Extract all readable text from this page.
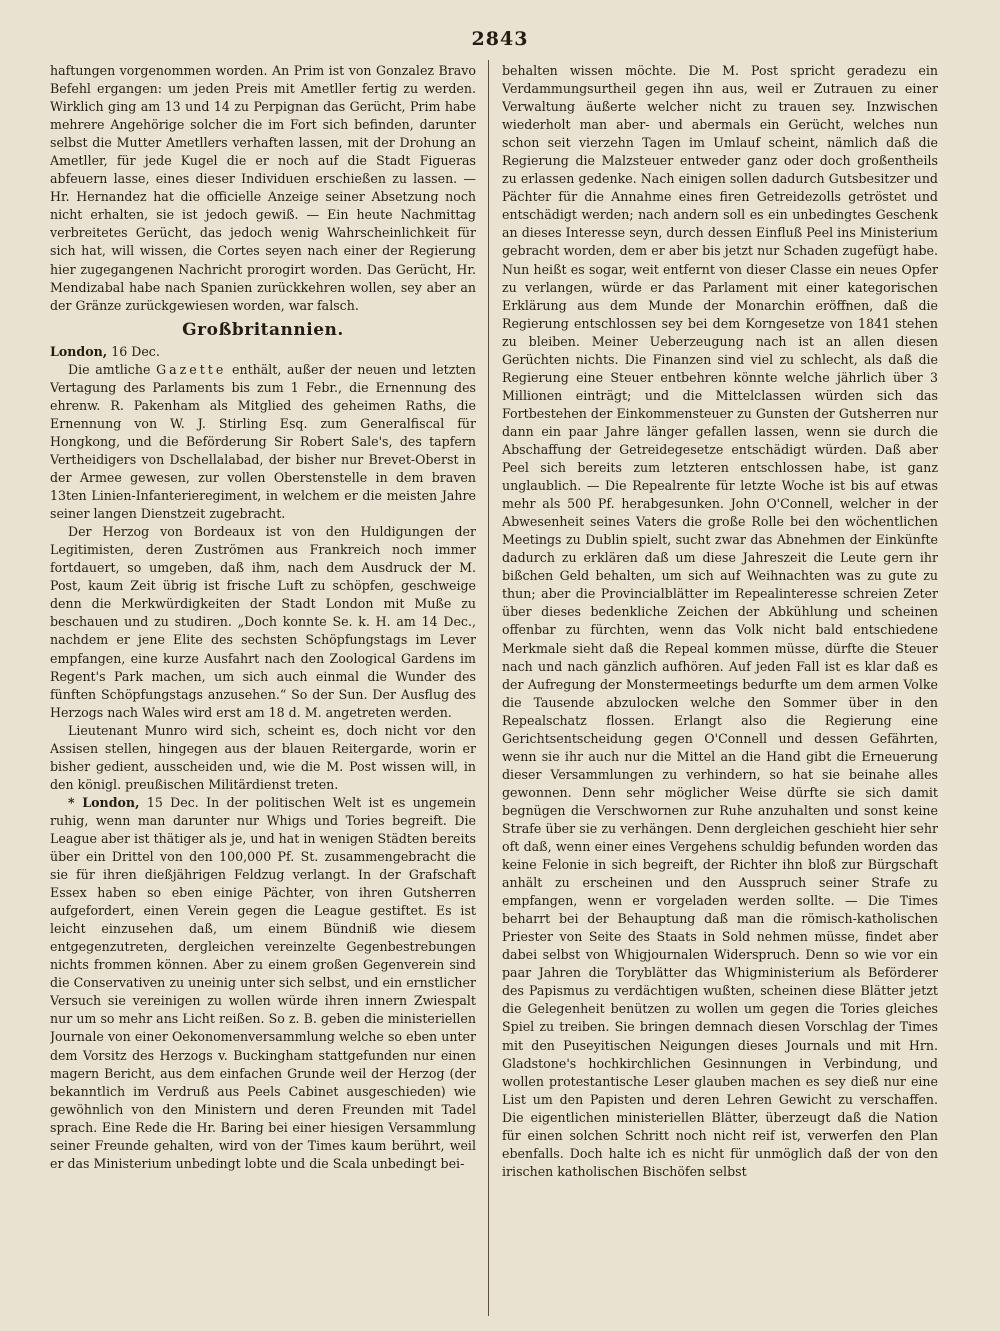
2843

haftungen vorgenommen worden. An Prim ist von Gonzalez Bravo Befehl ergangen: um jeden Preis mit Ametller fertig zu werden. Wirklich ging am 13 und 14 zu Perpignan das Gerücht, Prim habe mehrere Angehörige solcher die im Fort sich befinden, darunter selbst die Mutter Ametllers verhaften lassen, mit der Drohung an Ametller, für jede Kugel die er noch auf die Stadt Figueras abfeuern lasse, eines dieser Individuen erschießen zu lassen. — Hr. Hernandez hat die officielle Anzeige seiner Absetzung noch nicht erhalten, sie ist jedoch gewiß. — Ein heute Nachmittag verbreitetes Gerücht, das jedoch wenig Wahrscheinlichkeit für sich hat, will wissen, die Cortes seyen nach einer der Regierung hier zugegangenen Nachricht prorogirt worden. Das Gerücht, Hr. Mendizabal habe nach Spanien zurückkehren wollen, sey aber an der Gränze zurückgewiesen worden, war falsch.

Großbritannien.

London, 16 Dec.

Die amtliche Gazette enthält, außer der neuen und letzten Vertagung des Parlaments bis zum 1 Febr., die Ernennung des ehrenw. R. Pakenham als Mitglied des geheimen Raths, die Ernennung von W. J. Stirling Esq. zum Generalfiscal für Hongkong, und die Beförderung Sir Robert Sale's, des tapfern Vertheidigers von Dschellalabad, der bisher nur Brevet-Oberst in der Armee gewesen, zur vollen Oberstenstelle in dem braven 13ten Linien-Infanterieregiment, in welchem er die meisten Jahre seiner langen Dienstzeit zugebracht.

Der Herzog von Bordeaux ist von den Huldigungen der Legitimisten, deren Zuströmen aus Frankreich noch immer fortdauert, so umgeben, daß ihm, nach dem Ausdruck der M. Post, kaum Zeit übrig ist frische Luft zu schöpfen, geschweige denn die Merkwürdigkeiten der Stadt London mit Muße zu beschauen und zu studiren. „Doch konnte Se. k. H. am 14 Dec., nachdem er jene Elite des sechsten Schöpfungstags im Lever empfangen, eine kurze Ausfahrt nach den Zoological Gardens im Regent's Park machen, um sich auch einmal die Wunder des fünften Schöpfungstags anzusehen.“ So der Sun. Der Ausflug des Herzogs nach Wales wird erst am 18 d. M. angetreten werden.

Lieutenant Munro wird sich, scheint es, doch nicht vor den Assisen stellen, hingegen aus der blauen Reitergarde, worin er bisher gedient, ausscheiden und, wie die M. Post wissen will, in den königl. preußischen Militärdienst treten.

* London, 15 Dec. In der politischen Welt ist es ungemein ruhig, wenn man darunter nur Whigs und Tories begreift. Die League aber ist thätiger als je, und hat in wenigen Städten bereits über ein Drittel von den 100,000 Pf. St. zusammengebracht die sie für ihren dießjährigen Feldzug verlangt. In der Grafschaft Essex haben so eben einige Pächter, von ihren Gutsherren aufgefordert, einen Verein gegen die League gestiftet. Es ist leicht einzusehen daß, um einem Bündniß wie diesem entgegenzutreten, dergleichen vereinzelte Gegenbestrebungen nichts frommen können. Aber zu einem großen Gegenverein sind die Conservativen zu uneinig unter sich selbst, und ein ernstlicher Versuch sie vereinigen zu wollen würde ihren innern Zwiespalt nur um so mehr ans Licht reißen. So z. B. geben die ministeriellen Journale von einer Oekonomenversammlung welche so eben unter dem Vorsitz des Herzogs v. Buckingham stattgefunden nur einen magern Bericht, aus dem einfachen Grunde weil der Herzog (der bekanntlich im Verdruß aus Peels Cabinet ausgeschieden) wie gewöhnlich von den Ministern und deren Freunden mit Tadel sprach. Eine Rede die Hr. Baring bei einer hiesigen Versammlung seiner Freunde gehalten, wird von der Times kaum berührt, weil er das Ministerium unbedingt lobte und die Scala unbedingt bei-

behalten wissen möchte. Die M. Post spricht geradezu ein Verdammungsurtheil gegen ihn aus, weil er Zutrauen zu einer Verwaltung äußerte welcher nicht zu trauen sey. Inzwischen wiederholt man aber- und abermals ein Gerücht, welches nun schon seit vierzehn Tagen im Umlauf scheint, nämlich daß die Regierung die Malzsteuer entweder ganz oder doch großentheils zu erlassen gedenke. Nach einigen sollen dadurch Gutsbesitzer und Pächter für die Annahme eines firen Getreidezolls getröstet und entschädigt werden; nach andern soll es ein unbedingtes Geschenk an dieses Interesse seyn, durch dessen Einfluß Peel ins Ministerium gebracht worden, dem er aber bis jetzt nur Schaden zugefügt habe. Nun heißt es sogar, weit entfernt von dieser Classe ein neues Opfer zu verlangen, würde er das Parlament mit einer kategorischen Erklärung aus dem Munde der Monarchin eröffnen, daß die Regierung entschlossen sey bei dem Korngesetze von 1841 stehen zu bleiben. Meiner Ueberzeugung nach ist an allen diesen Gerüchten nichts. Die Finanzen sind viel zu schlecht, als daß die Regierung eine Steuer entbehren könnte welche jährlich über 3 Millionen einträgt; und die Mittelclassen würden sich das Fortbestehen der Einkommensteuer zu Gunsten der Gutsherren nur dann ein paar Jahre länger gefallen lassen, wenn sie durch die Abschaffung der Getreidegesetze entschädigt würden. Daß aber Peel sich bereits zum letzteren entschlossen habe, ist ganz unglaublich. — Die Repealrente für letzte Woche ist bis auf etwas mehr als 500 Pf. herabgesunken. John O'Connell, welcher in der Abwesenheit seines Vaters die große Rolle bei den wöchentlichen Meetings zu Dublin spielt, sucht zwar das Abnehmen der Einkünfte dadurch zu erklären daß um diese Jahreszeit die Leute gern ihr bißchen Geld behalten, um sich auf Weihnachten was zu gute zu thun; aber die Provincialblätter im Repealinteresse schreien Zeter über dieses bedenkliche Zeichen der Abkühlung und scheinen offenbar zu fürchten, wenn das Volk nicht bald entschiedene Merkmale sieht daß die Repeal kommen müsse, dürfte die Steuer nach und nach gänzlich aufhören. Auf jeden Fall ist es klar daß es der Aufregung der Monstermeetings bedurfte um dem armen Volke die Tausende abzulocken welche den Sommer über in den Repealschatz flossen. Erlangt also die Regierung eine Gerichtsentscheidung gegen O'Connell und dessen Gefährten, wenn sie ihr auch nur die Mittel an die Hand gibt die Erneuerung dieser Versammlungen zu verhindern, so hat sie beinahe alles gewonnen. Denn sehr möglicher Weise dürfte sie sich damit begnügen die Verschwornen zur Ruhe anzuhalten und sonst keine Strafe über sie zu verhängen. Denn dergleichen geschieht hier sehr oft daß, wenn einer eines Vergehens schuldig befunden worden das keine Felonie in sich begreift, der Richter ihn bloß zur Bürgschaft anhält zu erscheinen und den Ausspruch seiner Strafe zu empfangen, wenn er vorgeladen werden sollte. — Die Times beharrt bei der Behauptung daß man die römisch-katholischen Priester von Seite des Staats in Sold nehmen müsse, findet aber dabei selbst von Whigjournalen Widerspruch. Denn so wie vor ein paar Jahren die Toryblätter das Whigministerium als Beförderer des Papismus zu verdächtigen wußten, scheinen diese Blätter jetzt die Gelegenheit benützen zu wollen um gegen die Tories gleiches Spiel zu treiben. Sie bringen demnach diesen Vorschlag der Times mit den Puseyitischen Neigungen dieses Journals und mit Hrn. Gladstone's hochkirchlichen Gesinnungen in Verbindung, und wollen protestantische Leser glauben machen es sey dieß nur eine List um den Papisten und deren Lehren Gewicht zu verschaffen. Die eigentlichen ministeriellen Blätter, überzeugt daß die Nation für einen solchen Schritt noch nicht reif ist, verwerfen den Plan ebenfalls. Doch halte ich es nicht für unmöglich daß der von den irischen katholischen Bischöfen selbst
